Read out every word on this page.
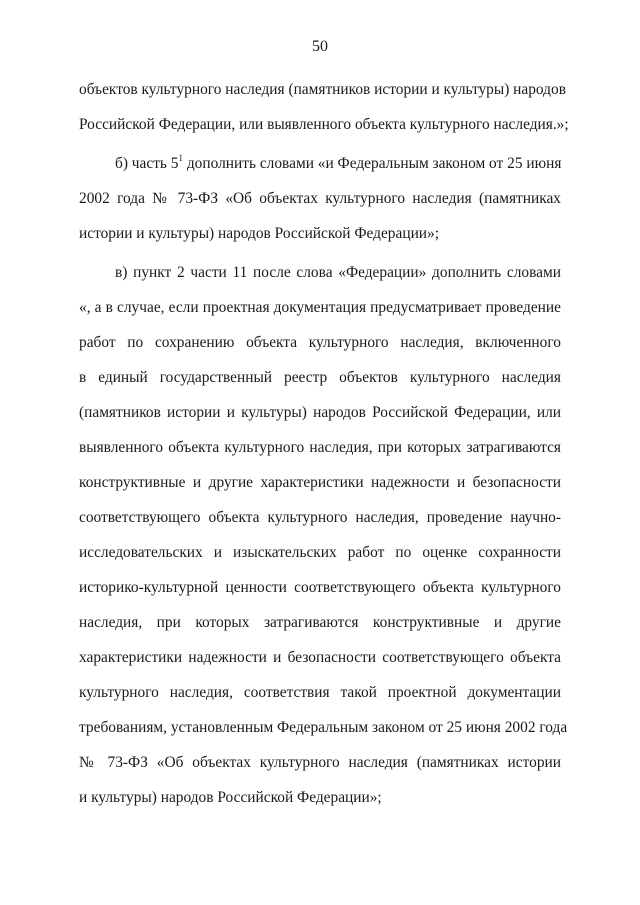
50
объектов культурного наследия (памятников истории и культуры) народов
Российской Федерации, или выявленного объекта культурного наследия.»;
б) часть $5^1$ дополнить словами «и Федеральным законом от 25 июня
2002 года № 73-ФЗ «Об объектах культурного наследия (памятниках
истории и культуры) народов Российской Федерации»;
в) пункт 2 части 11 после слова «Федерации» дополнить словами
«, а в случае, если проектная документация предусматривает проведение
работ по сохранению объекта культурного наследия, включенного
в единый государственный реестр объектов культурного наследия
(памятников истории и культуры) народов Российской Федерации, или
выявленного объекта культурного наследия, при которых затрагиваются
конструктивные и другие характеристики надежности и безопасности
соответствующего объекта культурного наследия, проведение научно-
исследовательских и изыскательских работ по оценке сохранности
историко-культурной ценности соответствующего объекта культурного
наследия, при которых затрагиваются конструктивные и другие
характеристики надежности и безопасности соответствующего объекта
культурного наследия, соответствия такой проектной документации
требованиям, установленным Федеральным законом от 25 июня 2002 года
№ 73-ФЗ «Об объектах культурного наследия (памятниках истории
и культуры) народов Российской Федерации»;
